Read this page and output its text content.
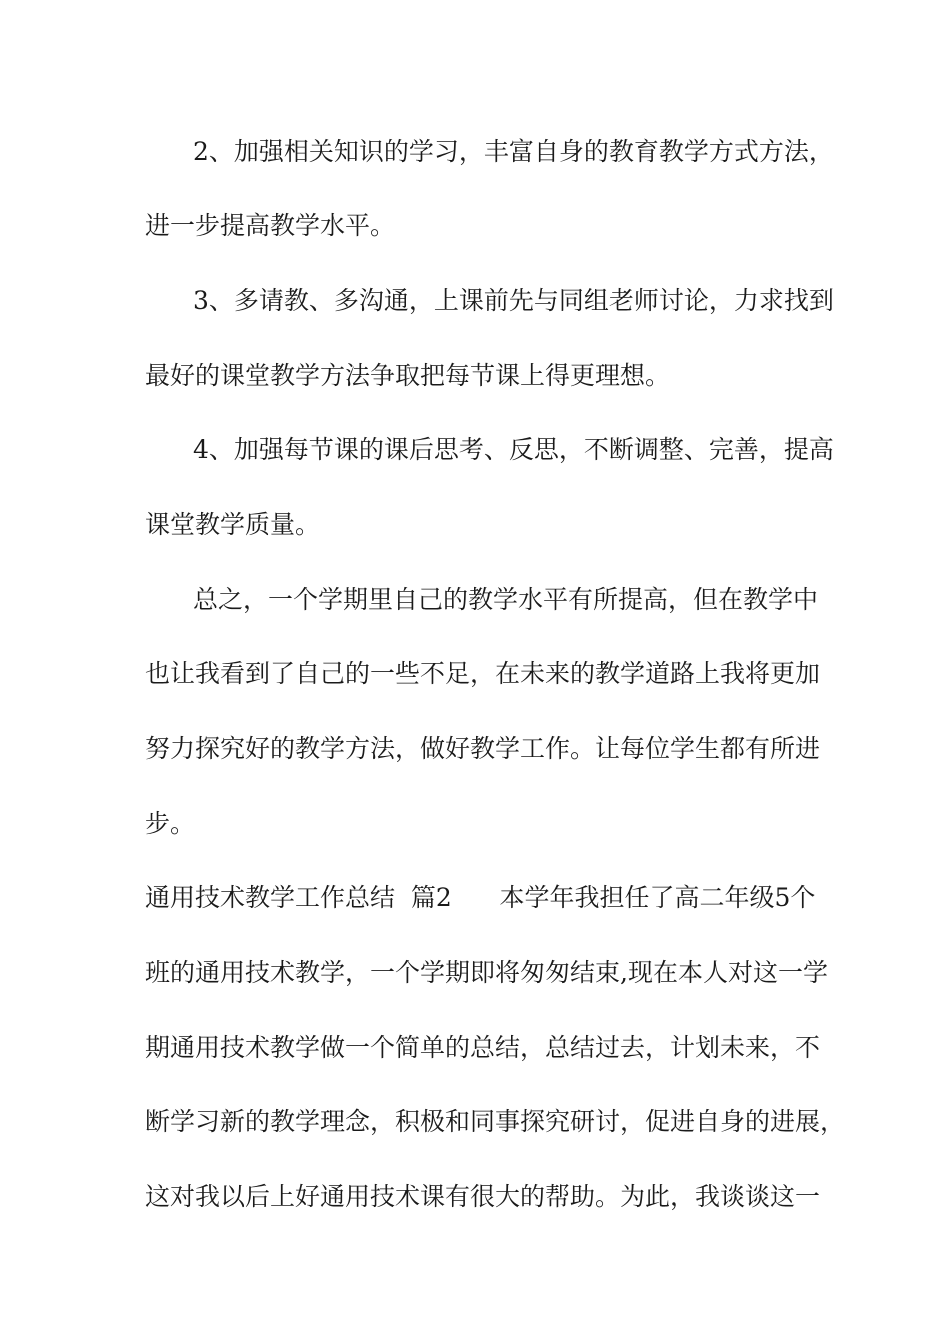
2、加强相关知识的学习，丰富自身的教育教学方式方法，
进一步提高教学水平。
3、多请教、多沟通，上课前先与同组老师讨论，力求找到
最好的课堂教学方法争取把每节课上得更理想。
4、加强每节课的课后思考、反思，不断调整、完善，提高
课堂教学质量。
总之，一个学期里自己的教学水平有所提高，但在教学中
也让我看到了自己的一些不足，在未来的教学道路上我将更加
努力探究好的教学方法，做好教学工作。让每位学生都有所进
步。
通用技术教学工作总结  篇2      本学年我担任了高二年级5个
班的通用技术教学，一个学期即将匆匆结束,现在本人对这一学
期通用技术教学做一个简单的总结，总结过去，计划未来，不
断学习新的教学理念，积极和同事探究研讨，促进自身的进展，
这对我以后上好通用技术课有很大的帮助。为此，我谈谈这一
